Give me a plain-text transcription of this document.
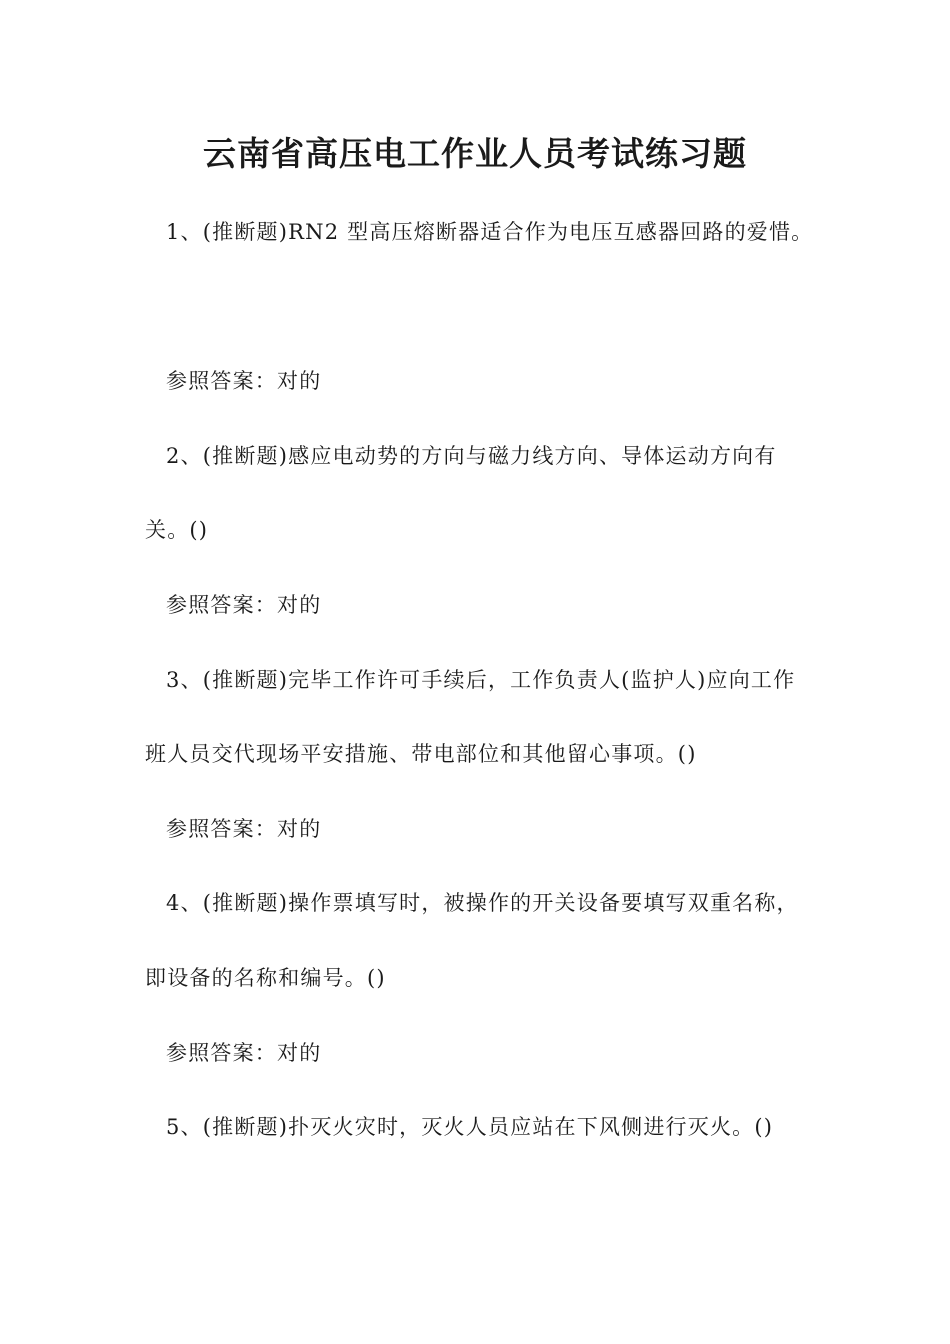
云南省高压电工作业人员考试练习题
1、(推断题)RN2 型高压熔断器适合作为电压互感器回路的爱惜。
参照答案：对的
2、(推断题)感应电动势的方向与磁力线方向、导体运动方向有
关。()
参照答案：对的
3、(推断题)完毕工作许可手续后，工作负责人(监护人)应向工作
班人员交代现场平安措施、带电部位和其他留心事项。()
参照答案：对的
4、(推断题)操作票填写时，被操作的开关设备要填写双重名称，
即设备的名称和编号。()
参照答案：对的
5、(推断题)扑灭火灾时，灭火人员应站在下风侧进行灭火。()
